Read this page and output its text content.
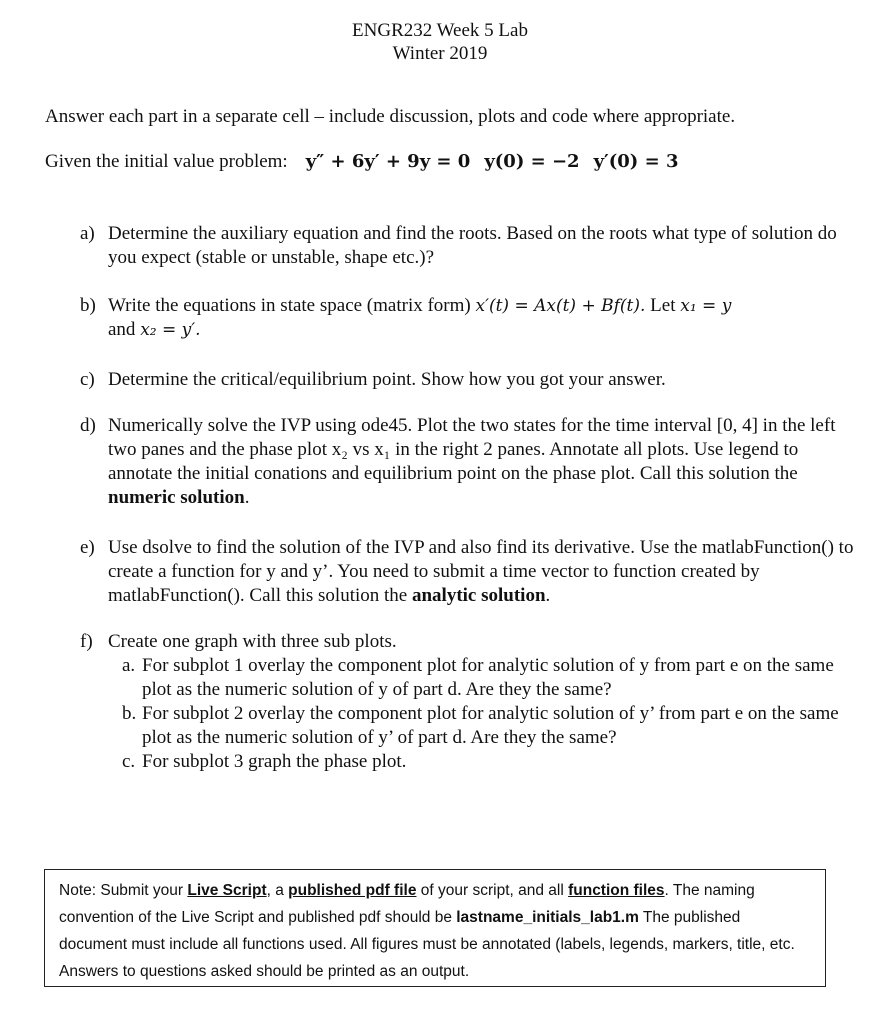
ENGR232 Week 5 Lab
Winter 2019
Answer each part in a separate cell – include discussion, plots and code where appropriate.
Given the initial value problem: y″ + 6y′ + 9y = 0 y(0) = −2 y′(0) = 3
a) Determine the auxiliary equation and find the roots. Based on the roots what type of solution do you expect (stable or unstable, shape etc.)?
b) Write the equations in state space (matrix form) x′(t) = Ax(t) + Bf(t). Let x₁ = y
and x₂ = y′.
c) Determine the critical/equilibrium point. Show how you got your answer.
d) Numerically solve the IVP using ode45. Plot the two states for the time interval [0, 4] in the left two panes and the phase plot x₂ vs x₁ in the right 2 panes. Annotate all plots. Use legend to annotate the initial conations and equilibrium point on the phase plot. Call this solution the numeric solution.
e) Use dsolve to find the solution of the IVP and also find its derivative. Use the matlabFunction() to create a function for y and y’. You need to submit a time vector to function created by matlabFunction(). Call this solution the analytic solution.
f) Create one graph with three sub plots.
a. For subplot 1 overlay the component plot for analytic solution of y from part e on the same plot as the numeric solution of y of part d. Are they the same?
b. For subplot 2 overlay the component plot for analytic solution of y’ from part e on the same plot as the numeric solution of y’ of part d. Are they the same?
c. For subplot 3 graph the phase plot.
Note: Submit your Live Script, a published pdf file of your script, and all function files. The naming convention of the Live Script and published pdf should be lastname_initials_lab1.m The published document must include all functions used. All figures must be annotated (labels, legends, markers, title, etc. Answers to questions asked should be printed as an output.
